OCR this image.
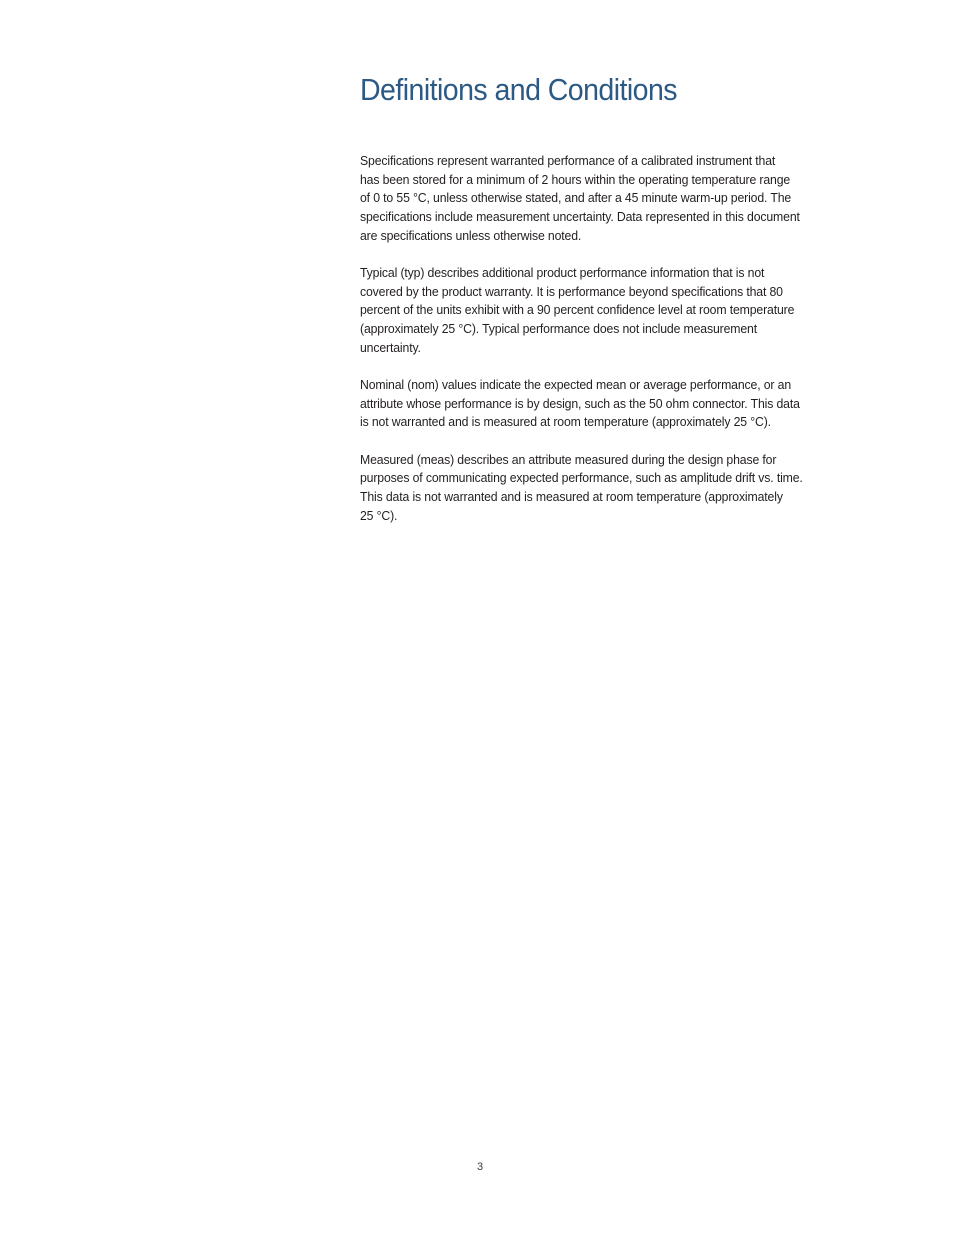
Definitions and Conditions

Specifications represent warranted performance of a calibrated instrument that
has been stored for a minimum of 2 hours within the operating temperature range
of 0 to 55 °C, unless otherwise stated, and after a 45 minute warm-up period. The
specifications include measurement uncertainty. Data represented in this document
are specifications unless otherwise noted.

Typical (typ) describes additional product performance information that is not
covered by the product warranty. It is performance beyond specifications that 80
percent of the units exhibit with a 90 percent confidence level at room temperature
(approximately 25 °C). Typical performance does not include measurement
uncertainty.

Nominal (nom) values indicate the expected mean or average performance, or an
attribute whose performance is by design, such as the 50 ohm connector. This data
is not warranted and is measured at room temperature (approximately 25 °C).

Measured (meas) describes an attribute measured during the design phase for
purposes of communicating expected performance, such as amplitude drift vs. time.
This data is not warranted and is measured at room temperature (approximately
25 °C).

3
